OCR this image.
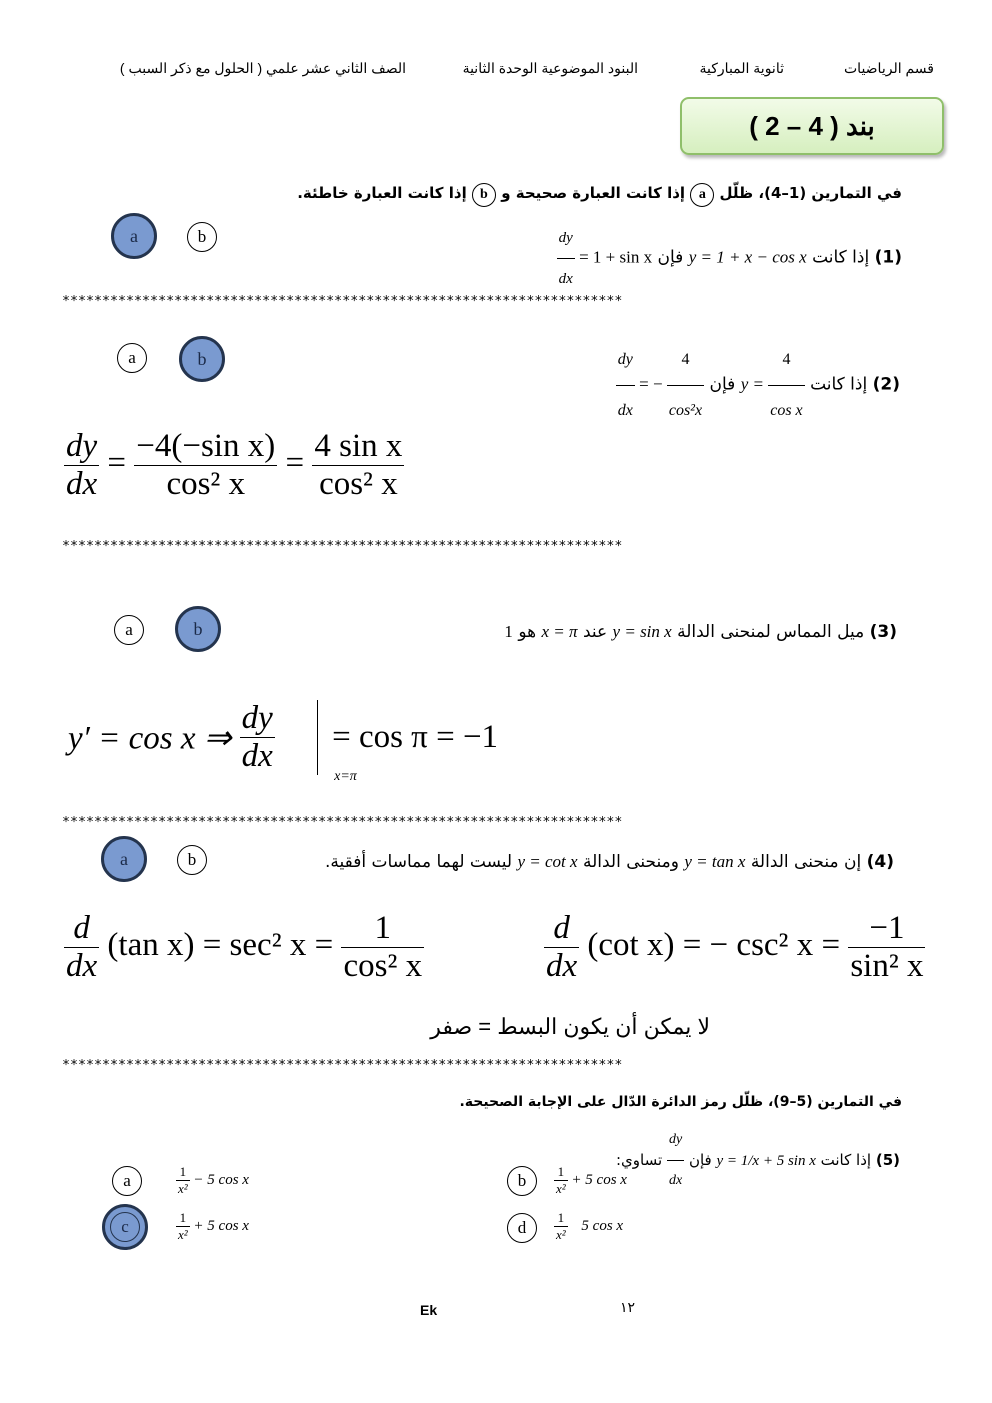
قسم الرياضيات
ثانوية المباركية
البنود الموضوعية الوحدة الثانية
الصف الثاني عشر علمي ( الحلول مع ذكر السبب )
بند ( 4 – 2 )
في التمارين (1–4)، ظلّل a إذا كانت العبارة صحيحة و b إذا كانت العبارة خاطئة.
a	b
(1) إذا كانت y = 1 + x − cos x فإن
$\frac{dy}{dx} = 1 + \sin x$
**********************************************************************
a	b
(2) إذا كانت $y = \frac{4}{\text{cos x}}$
فإن
$\frac{dy}{dx}$ = − $\frac{4}{\text{cos²x}}$
$\frac{dy}{dx} = \frac{\text{−4(−sin x)}}{\text{cos² x}} = \frac{\text{4 sin x}}{\text{cos² x}}$
**********************************************************************
a	b	(3) ميل المماس لمنحنى الدالة y = sin x عند x = π هو 1
y′ = cos x ⇒ $\frac{dy}{dx}$
x=π
= cos π = −1
**********************************************************************
a	b	(4) إن منحنى الدالة y = tan x ومنحنى الدالة y = cot x ليست لهما مماسات أفقية.
$\frac{d}{dx} (\tan$ x) = sec² $x = \frac{1}{\text{cos² x}}$	$\frac{d}{dx} (\cot$ x) = − csc² $x = \frac{-1}{\text{sin² x}}$
لا يمكن أن يكون البسط = صفر
**********************************************************************
في التمارين (5–9)، ظلّل رمز الدائرة الدّال على الإجابة الصحيحة.
(5) إذا كانت y = 1/x + 5 sin x فإن
$\frac{dy}{dx}$
تساوي:
a	$\frac{1}{\text{x²}} - 5$ cos x	b	$\frac{1}{\text{x²}} + 5$ cos x
c	$\frac{1}{\text{x²}} + 5$ cos x	d	$\frac{1}{\text{x²}} 5$ cos x
Ek	١٢
